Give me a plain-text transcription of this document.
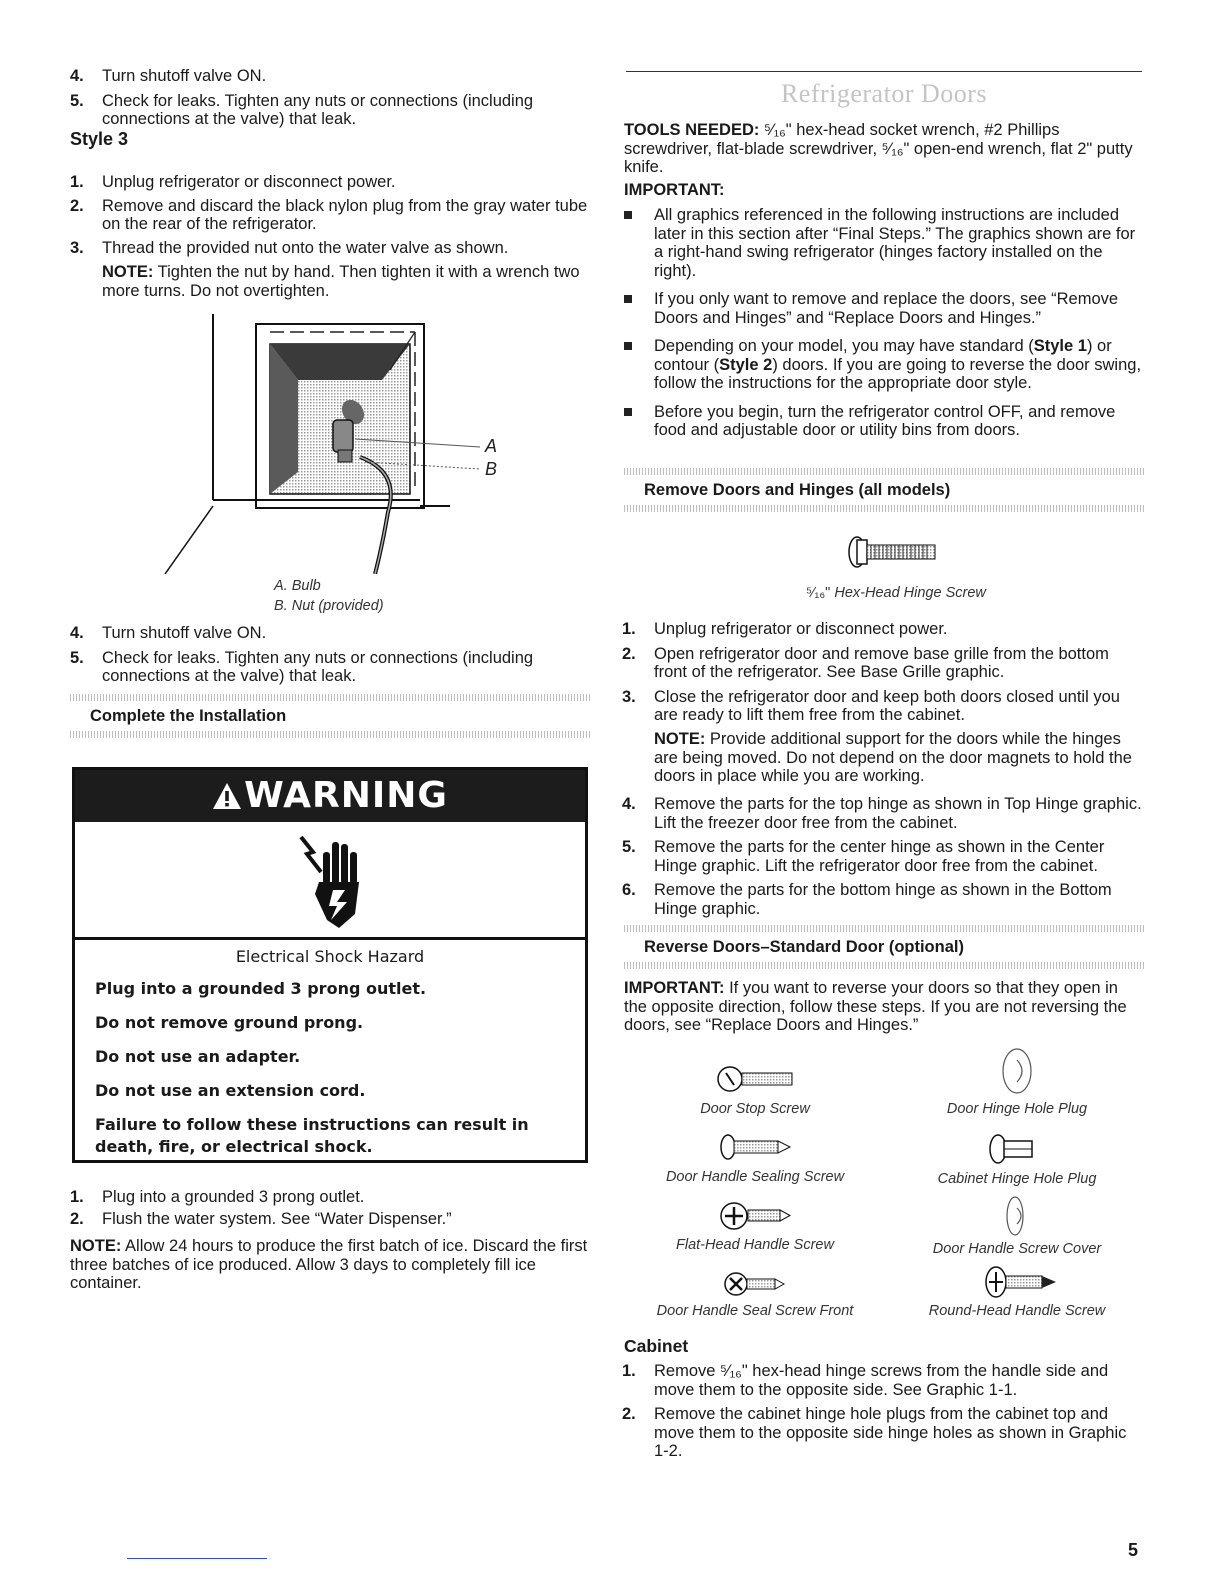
4. Turn shutoff valve ON.
5. Check for leaks. Tighten any nuts or connections (including connections at the valve) that leak.
Style 3
1. Unplug refrigerator or disconnect power.
2. Remove and discard the black nylon plug from the gray water tube on the rear of the refrigerator.
3. Thread the provided nut onto the water valve as shown.

NOTE: Tighten the nut by hand. Then tighten it with a wrench two more turns. Do not overtighten.

A
B
A. Bulb
B. Nut (provided)
4. Turn shutoff valve ON.
5. Check for leaks. Tighten any nuts or connections (including connections at the valve) that leak.
Complete the Installation
WARNING
Electrical Shock Hazard

Plug into a grounded 3 prong outlet.

Do not remove ground prong.

Do not use an adapter.

Do not use an extension cord.

Failure to follow these instructions can result in death, fire, or electrical shock.

1. Plug into a grounded 3 prong outlet.
2. Flush the water system. See “Water Dispenser.”

NOTE: Allow 24 hours to produce the first batch of ice. Discard the first three batches of ice produced. Allow 3 days to completely fill ice container.

Refrigerator Doors

TOOLS NEEDED: ⁵⁄₁₆" hex-head socket wrench, #2 Phillips screwdriver, flat-blade screwdriver, ⁵⁄₁₆" open-end wrench, flat 2" putty knife.

IMPORTANT:

All graphics referenced in the following instructions are included later in this section after “Final Steps.” The graphics shown are for a right-hand swing refrigerator (hinges factory installed on the right).
If you only want to remove and replace the doors, see “Remove Doors and Hinges” and “Replace Doors and Hinges.”
Depending on your model, you may have standard (Style 1) or contour (Style 2) doors. If you are going to reverse the door swing, follow the instructions for the appropriate door style.
Before you begin, turn the refrigerator control OFF, and remove food and adjustable door or utility bins from doors.
Remove Doors and Hinges (all models)
⁵⁄₁₆" Hex-Head Hinge Screw
1. Unplug refrigerator or disconnect power.
2. Open refrigerator door and remove base grille from the bottom front of the refrigerator. See Base Grille graphic.
3. Close the refrigerator door and keep both doors closed until you are ready to lift them free from the cabinet.

NOTE: Provide additional support for the doors while the hinges are being moved. Do not depend on the door magnets to hold the doors in place while you are working.

4. Remove the parts for the top hinge as shown in Top Hinge graphic. Lift the freezer door free from the cabinet.
5. Remove the parts for the center hinge as shown in the Center Hinge graphic. Lift the refrigerator door free from the cabinet.
6. Remove the parts for the bottom hinge as shown in the Bottom Hinge graphic.
Reverse Doors–Standard Door (optional)

IMPORTANT: If you want to reverse your doors so that they open in the opposite direction, follow these steps. If you are not reversing the doors, see “Replace Doors and Hinges.”

Door Stop Screw	Door Hinge Hole Plug
Door Handle Sealing Screw	Cabinet Hinge Hole Plug
Flat-Head Handle Screw	Door Handle Screw Cover
Door Handle Seal Screw Front	Round-Head Handle Screw

Cabinet

1. Remove ⁵⁄₁₆" hex-head hinge screws from the handle side and move them to the opposite side. See Graphic 1-1.
2. Remove the cabinet hinge hole plugs from the cabinet top and move them to the opposite side hinge holes as shown in Graphic 1-2.
5
